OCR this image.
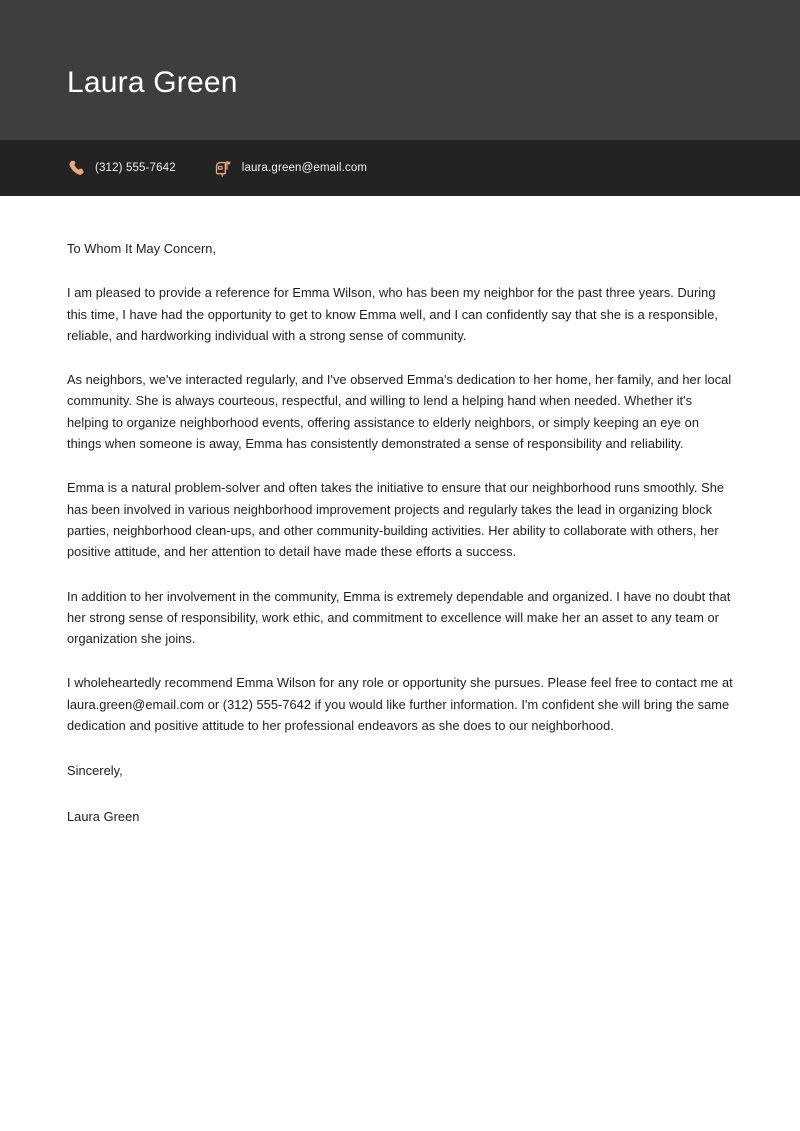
Laura Green
(312) 555-7642	laura.green@email.com

To Whom It May Concern,

I am pleased to provide a reference for Emma Wilson, who has been my neighbor for the past three years. During this time, I have had the opportunity to get to know Emma well, and I can confidently say that she is a responsible, reliable, and hardworking individual with a strong sense of community.

As neighbors, we've interacted regularly, and I've observed Emma's dedication to her home, her family, and her local community. She is always courteous, respectful, and willing to lend a helping hand when needed. Whether it's helping to organize neighborhood events, offering assistance to elderly neighbors, or simply keeping an eye on things when someone is away, Emma has consistently demonstrated a sense of responsibility and reliability.

Emma is a natural problem-solver and often takes the initiative to ensure that our neighborhood runs smoothly. She has been involved in various neighborhood improvement projects and regularly takes the lead in organizing block parties, neighborhood clean-ups, and other community-building activities. Her ability to collaborate with others, her positive attitude, and her attention to detail have made these efforts a success.

In addition to her involvement in the community, Emma is extremely dependable and organized. I have no doubt that her strong sense of responsibility, work ethic, and commitment to excellence will make her an asset to any team or organization she joins.

I wholeheartedly recommend Emma Wilson for any role or opportunity she pursues. Please feel free to contact me at laura.green@email.com or (312) 555-7642 if you would like further information. I'm confident she will bring the same dedication and positive attitude to her professional endeavors as she does to our neighborhood.

Sincerely,

Laura Green
